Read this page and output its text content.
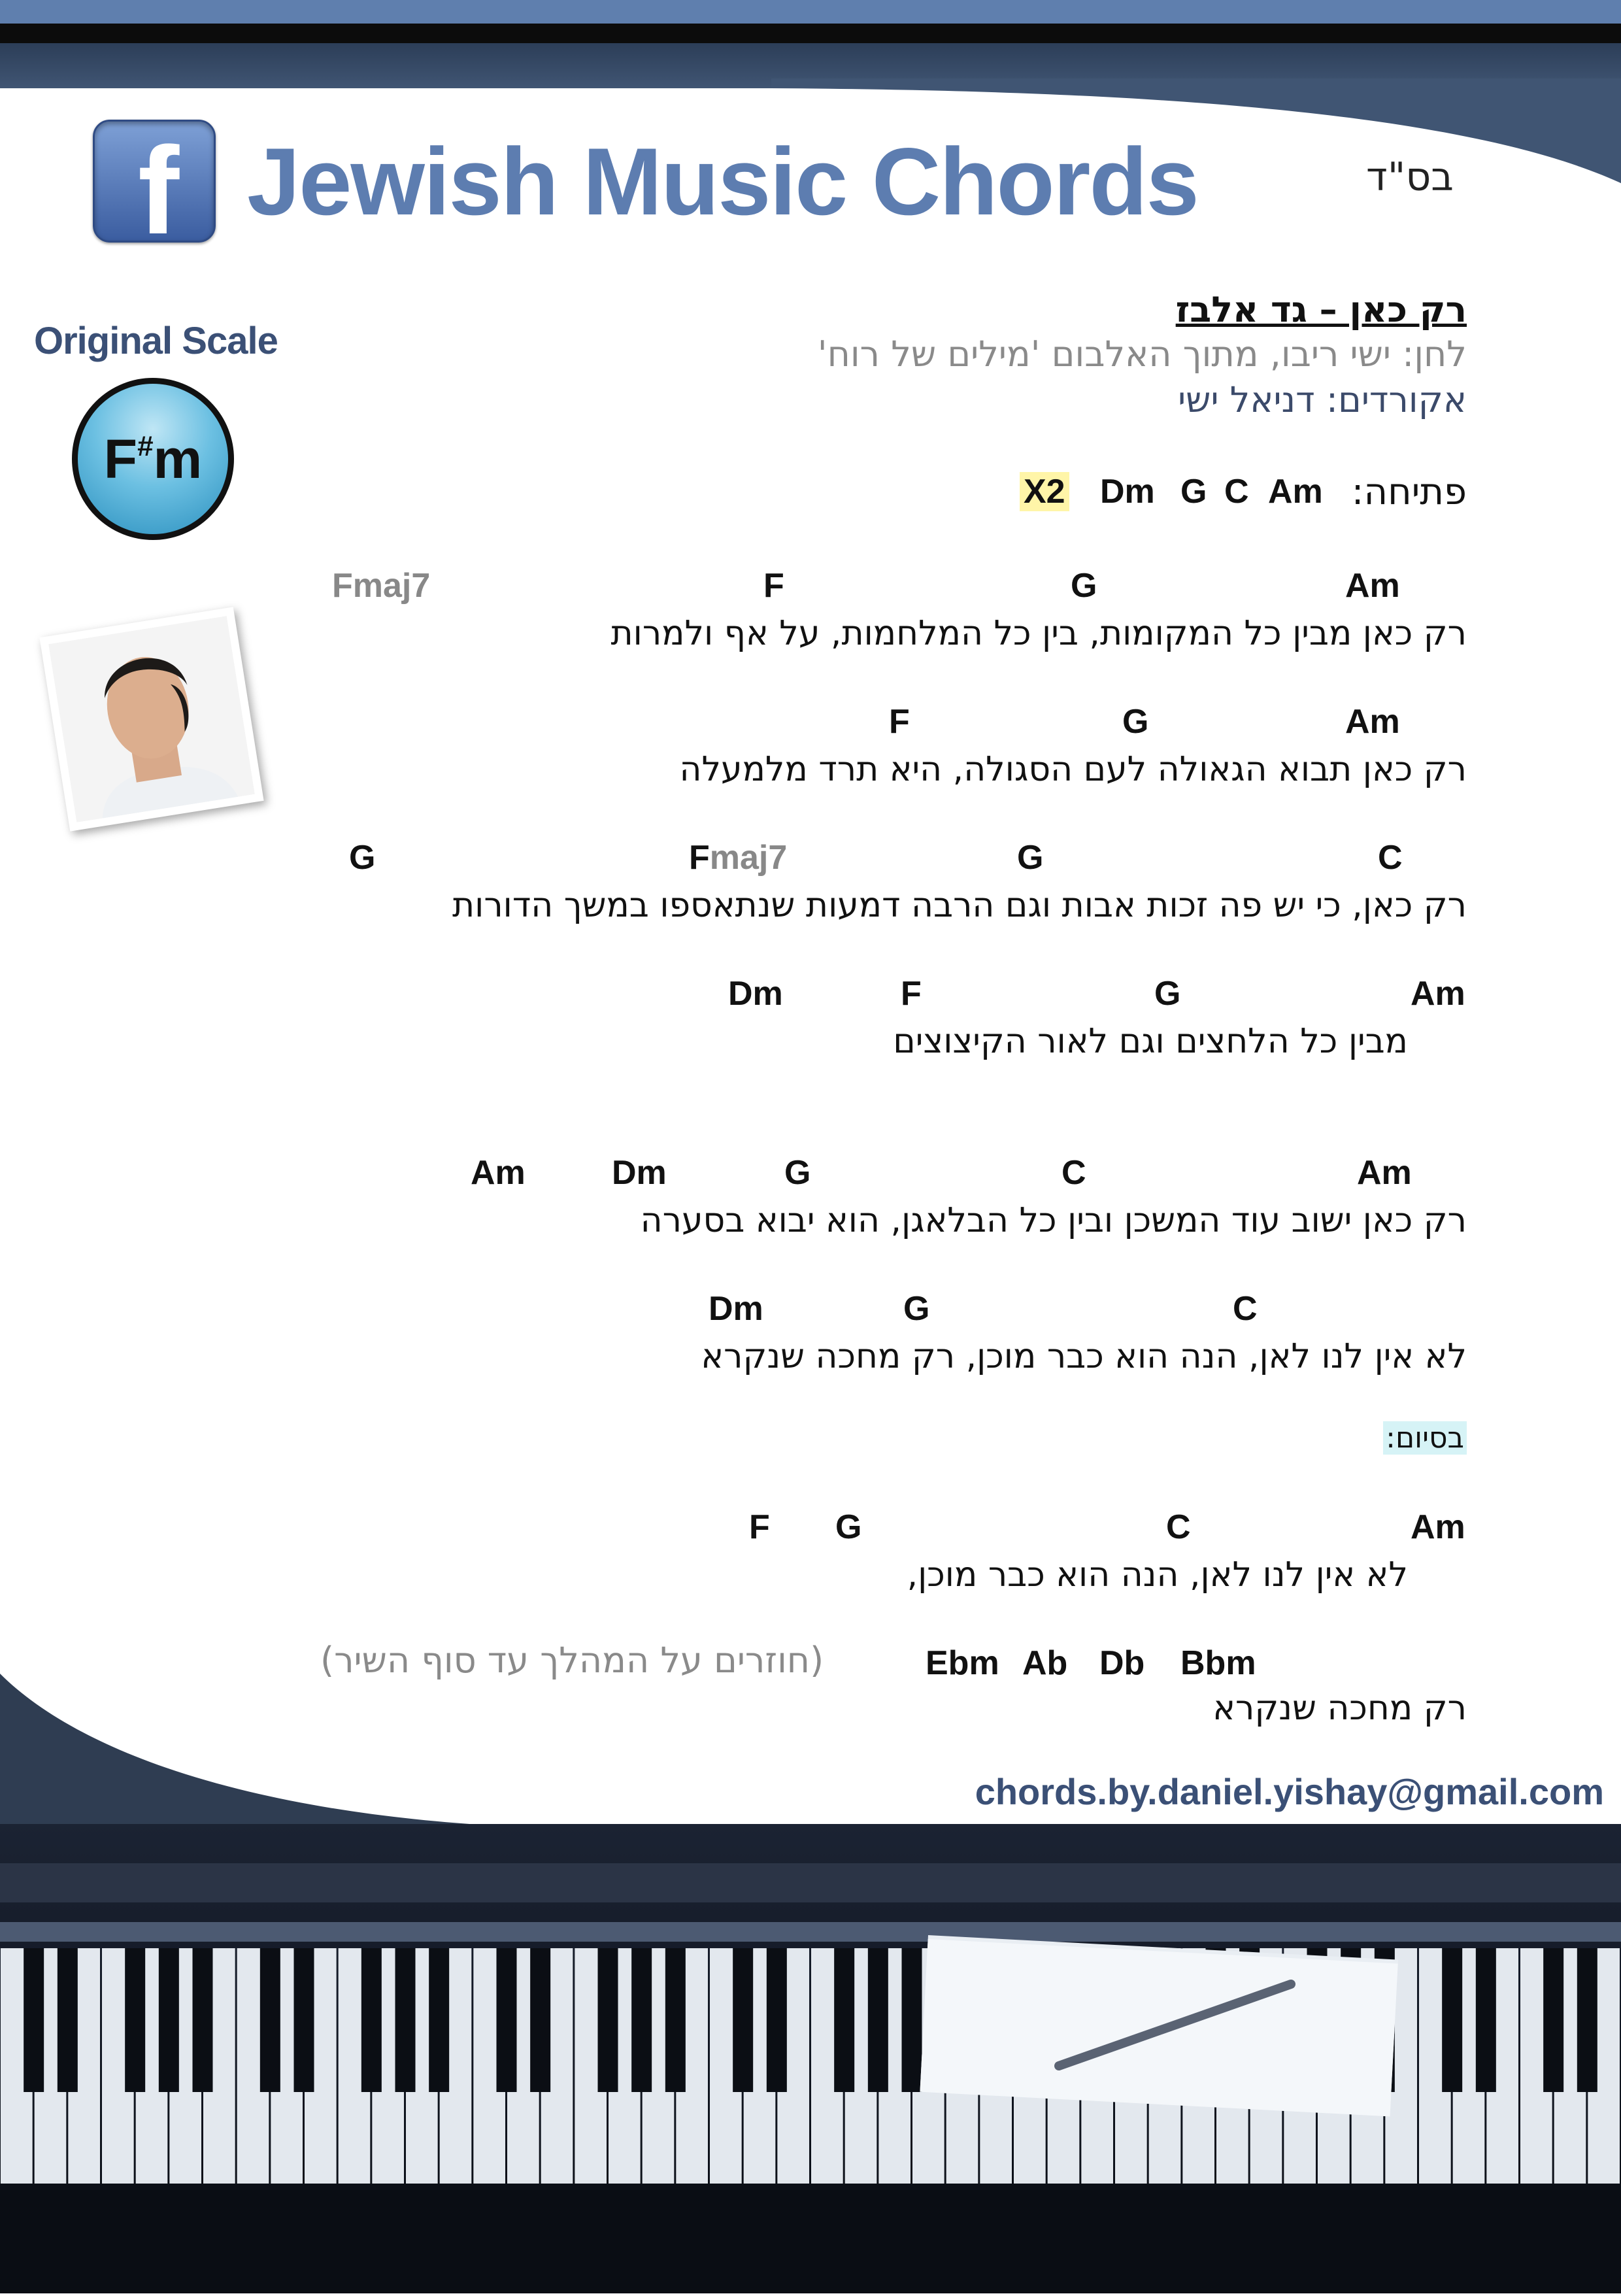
f Jewish Music Chords	בס"ד
Original Scale
F#m
רק כאן – גד אלבז
לחן: ישי ריבו, מתוך האלבום 'מילים של רוח'
אקורדים: דניאל ישי
פתיחה:
X2 Dm G C Am
Fmaj7	F	G	Am
רק כאן מבין כל המקומות, בין כל המלחמות, על אף ולמרות
F	G	Am
רק כאן תבוא הגאולה לעם הסגולה, היא תרד מלמעלה
G	Fmaj7	G	C
רק כאן, כי יש פה זכות אבות וגם הרבה דמעות שנתאספו במשך הדורות
Dm	F	G	Am
מבין כל הלחצים וגם לאור הקיצוצים
Am	Dm	G	C	Am
רק כאן ישוב עוד המשכן ובין כל הבלאגן, הוא יבוא בסערה
Dm	G	C
לא אין לנו לאן, הנה הוא כבר מוכן, רק מחכה שנקרא
בסיום:
F G	C	Am
לא אין לנו לאן, הנה הוא כבר מוכן,
(חוזרים על המהלך עד סוף השיר)	Ebm Ab Db Bbm
רק מחכה שנקרא
chords.by.daniel.yishay@gmail.com
